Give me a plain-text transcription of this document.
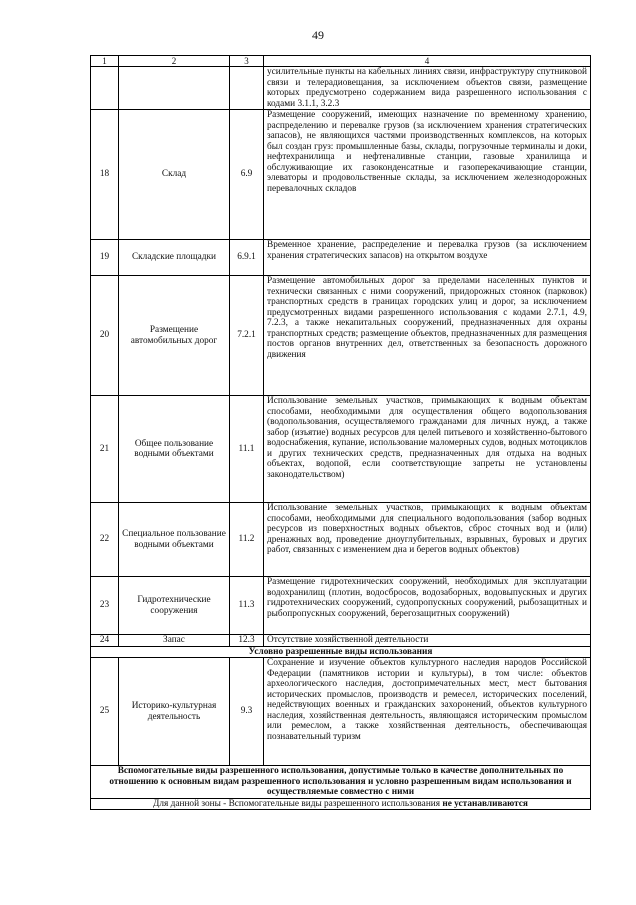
49
1	2	3	4
			усилительные пункты на кабельных линиях связи, инфраструктуру спутниковой связи и телерадиовещания, за исключением объектов связи, размещение которых предусмотрено содержанием вида разрешенного использования с кодами 3.1.1, 3.2.3
18	Склад	6.9	Размещение сооружений, имеющих назначение по временному хранению, распределению и перевалке грузов (за исключением хранения стратегических запасов), не являющихся частями производственных комплексов, на которых был создан груз: промышленные базы, склады, погрузочные терминалы и доки, нефтехранилища и нефтеналивные станции, газовые хранилища и обслуживающие их газоконденсатные и газоперекачивающие станции, элеваторы и продовольственные склады, за исключением железнодорожных перевалочных складов
19	Складские площадки	6.9.1	Временное хранение, распределение и перевалка грузов (за исключением хранения стратегических запасов) на открытом воздухе
20	Размещение автомобильных дорог	7.2.1	Размещение автомобильных дорог за пределами населенных пунктов и технически связанных с ними сооружений, придорожных стоянок (парковок) транспортных средств в границах городских улиц и дорог, за исключением предусмотренных видами разрешенного использования с кодами 2.7.1, 4.9, 7.2.3, а также некапитальных сооружений, предназначенных для охраны транспортных средств; размещение объектов, предназначенных для размещения постов органов внутренних дел, ответственных за безопасность дорожного движения
21	Общее пользование водными объектами	11.1	Использование земельных участков, примыкающих к водным объектам способами, необходимыми для осуществления общего водопользования (водопользования, осуществляемого гражданами для личных нужд, а также забор (изъятие) водных ресурсов для целей питьевого и хозяйственно-бытового водоснабжения, купание, использование маломерных судов, водных мотоциклов и других технических средств, предназначенных для отдыха на водных объектах, водопой, если соответствующие запреты не установлены законодательством)
22	Специальное пользование водными объектами	11.2	Использование земельных участков, примыкающих к водным объектам способами, необходимыми для специального водопользования (забор водных ресурсов из поверхностных водных объектов, сброс сточных вод и (или) дренажных вод, проведение дноуглубительных, взрывных, буровых и других работ, связанных с изменением дна и берегов водных объектов)
23	Гидротехнические сооружения	11.3	Размещение гидротехнических сооружений, необходимых для эксплуатации водохранилищ (плотин, водосбросов, водозаборных, водовыпускных и других гидротехнических сооружений, судопропускных сооружений, рыбозащитных и рыбопропускных сооружений, берегозащитных сооружений)
24	Запас	12.3	Отсутствие хозяйственной деятельности
Условно разрешенные виды использования			
25	Историко-культурная деятельность	9.3	Сохранение и изучение объектов культурного наследия народов Российской Федерации (памятников истории и культуры), в том числе: объектов археологического наследия, достопримечательных мест, мест бытования исторических промыслов, производств и ремесел, исторических поселений, недействующих военных и гражданских захоронений, объектов культурного наследия, хозяйственная деятельность, являющаяся историческим промыслом или ремеслом, а также хозяйственная деятельность, обеспечивающая познавательный туризм
Вспомогательные виды разрешенного использования, допустимые только в качестве дополнительных по отношению к основным видам разрешенного использования и условно разрешенным видам использования и осуществляемые совместно с ними			
Для данной зоны - Вспомогательные виды разрешенного использования не устанавливаются			
